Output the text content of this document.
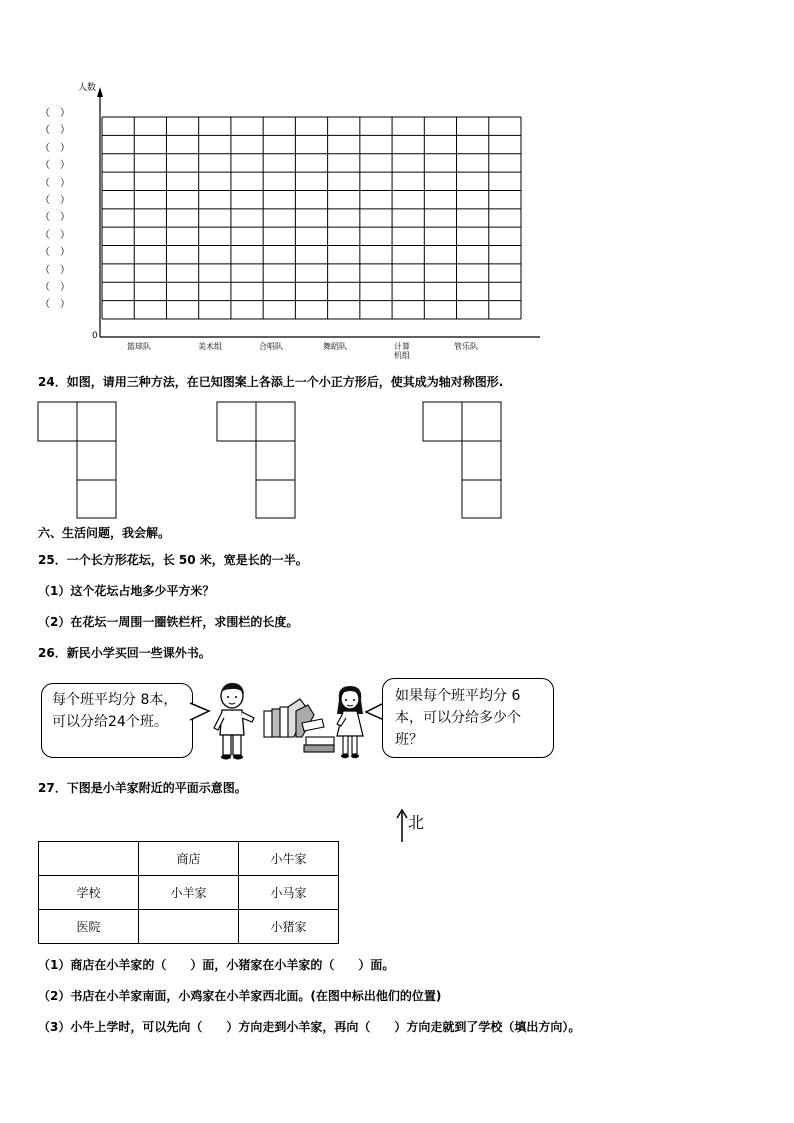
人数
（　）
（　）
（　）
（　）
（　）
（　）
（　）
（　）
（　）
（　）
（　）
（　）
0
篮球队	美术组	合唱队	舞蹈队	计算机组
管乐队
24．如图，请用三种方法，在已知图案上各添上一个小正方形后，使其成为轴对称图形.
六、生活问题，我会解。
25．一个长方形花坛，长 50 米，宽是长的一半。
（1）这个花坛占地多少平方米？
（2）在花坛一周围一圈铁栏杆，求围栏的长度。
26．新民小学买回一些课外书。
每个班平均分 8本，可以分给24个班。
如果每个班平均分 6本，可以分给多少个班？
27．下图是小羊家附近的平面示意图。
北
	商店	小牛家
学校	小羊家	小马家
医院		小猪家
（1）商店在小羊家的（　　）面，小猪家在小羊家的（　　）面。
（2）书店在小羊家南面，小鸡家在小羊家西北面。(在图中标出他们的位置)
（3）小牛上学时，可以先向（　　）方向走到小羊家，再向（　　）方向走就到了学校（填出方向）。
